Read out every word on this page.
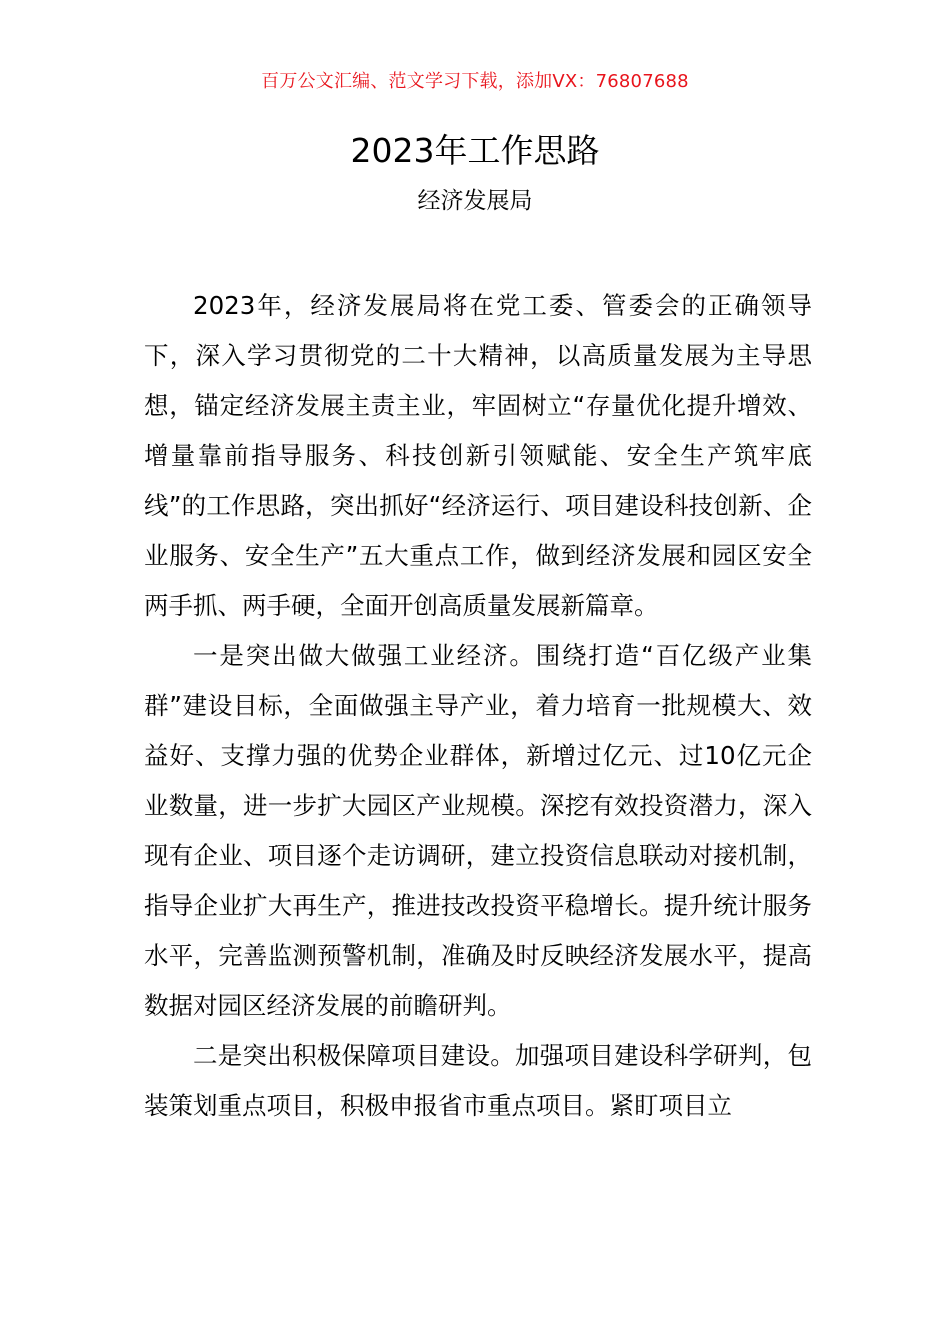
百万公文汇编、范文学习下载，添加VX：76807688
2023年工作思路
经济发展局

2023年，经济发展局将在党工委、管委会的正确领导下，深入学习贯彻党的二十大精神，以高质量发展为主导思想，锚定经济发展主责主业，牢固树立“存量优化提升增效、增量靠前指导服务、科技创新引领赋能、安全生产筑牢底线”的工作思路，突出抓好“经济运行、项目建设科技创新、企业服务、安全生产”五大重点工作，做到经济发展和园区安全两手抓、两手硬，全面开创高质量发展新篇章。

一是突出做大做强工业经济。围绕打造“百亿级产业集群”建设目标，全面做强主导产业，着力培育一批规模大、效益好、支撑力强的优势企业群体，新增过亿元、过10亿元企业数量，进一步扩大园区产业规模。深挖有效投资潜力，深入现有企业、项目逐个走访调研，建立投资信息联动对接机制，指导企业扩大再生产，推进技改投资平稳增长。提升统计服务水平，完善监测预警机制，准确及时反映经济发展水平，提高数据对园区经济发展的前瞻研判。

二是突出积极保障项目建设。加强项目建设科学研判，包装策划重点项目，积极申报省市重点项目。紧盯项目立
